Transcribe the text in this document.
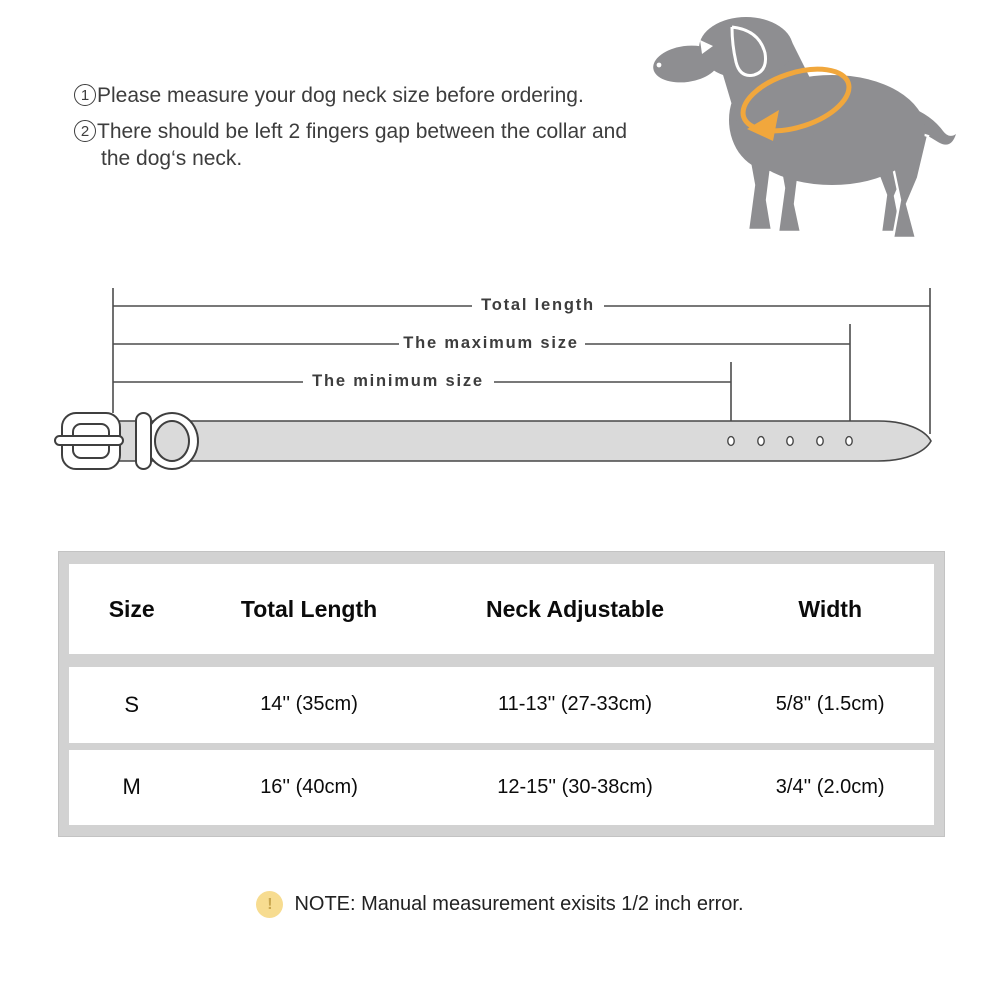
1 Please measure your dog neck size before ordering.

2 There should be left 2 fingers gap between the collar and the dog‘s neck.

Total length
The maximum size
The minimum size
Size	Total Length	Neck Adjustable	Width
S	14'' (35cm)	11-13'' (27-33cm)	5/8'' (1.5cm)
M	16'' (40cm)	12-15'' (30-38cm)	3/4'' (2.0cm)
!	NOTE: Manual measurement exisits 1/2 inch error.
